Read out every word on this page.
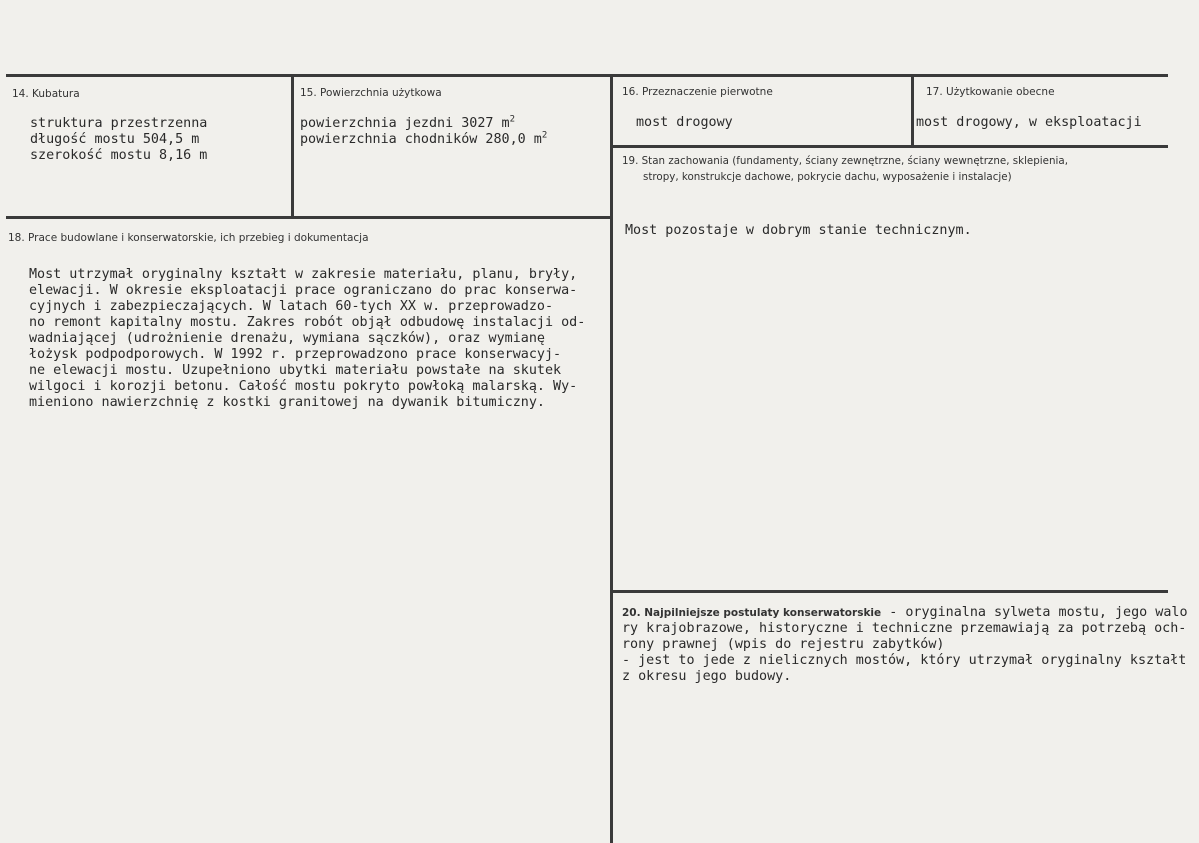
14. Kubatura
struktura przestrzenna
długość mostu 504,5 m
szerokość mostu 8,16 m
15. Powierzchnia użytkowa
powierzchnia jezdni 3027 $m^2$
powierzchnia chodników 280,0 $m^2$
16. Przeznaczenie pierwotne
most drogowy
17. Użytkowanie obecne
most drogowy, w eksploatacji
18. Prace budowlane i konserwatorskie, ich przebieg i dokumentacja
Most utrzymał oryginalny kształt w zakresie materiału, planu, bryły,
elewacji. W okresie eksploatacji prace ograniczano do prac konserwa-
cyjnych i zabezpieczających. W latach 60-tych XX w. przeprowadzo-
no remont kapitalny mostu. Zakres robót objął odbudowę instalacji od-
wadniającej (udrożnienie drenażu, wymiana sączków), oraz wymianę
łożysk podpodporowych. W 1992 r. przeprowadzono prace konserwacyj-
ne elewacji mostu. Uzupełniono ubytki materiału powstałe na skutek
wilgoci i korozji betonu. Całość mostu pokryto powłoką malarską. Wy-
mieniono nawierzchnię z kostki granitowej na dywanik bitumiczny.
19. Stan zachowania (fundamenty, ściany zewnętrzne, ściany wewnętrzne, sklepienia,
stropy, konstrukcje dachowe, pokrycie dachu, wyposażenie i instalacje)
Most pozostaje w dobrym stanie technicznym.
20. Najpilniejsze postulaty konserwatorskie - oryginalna sylweta mostu, jego walo
ry krajobrazowe, historyczne i techniczne przemawiają za potrzebą och-
rony prawnej (wpis do rejestru zabytków)
- jest to jede z nielicznych mostów, który utrzymał oryginalny kształt
z okresu jego budowy.
